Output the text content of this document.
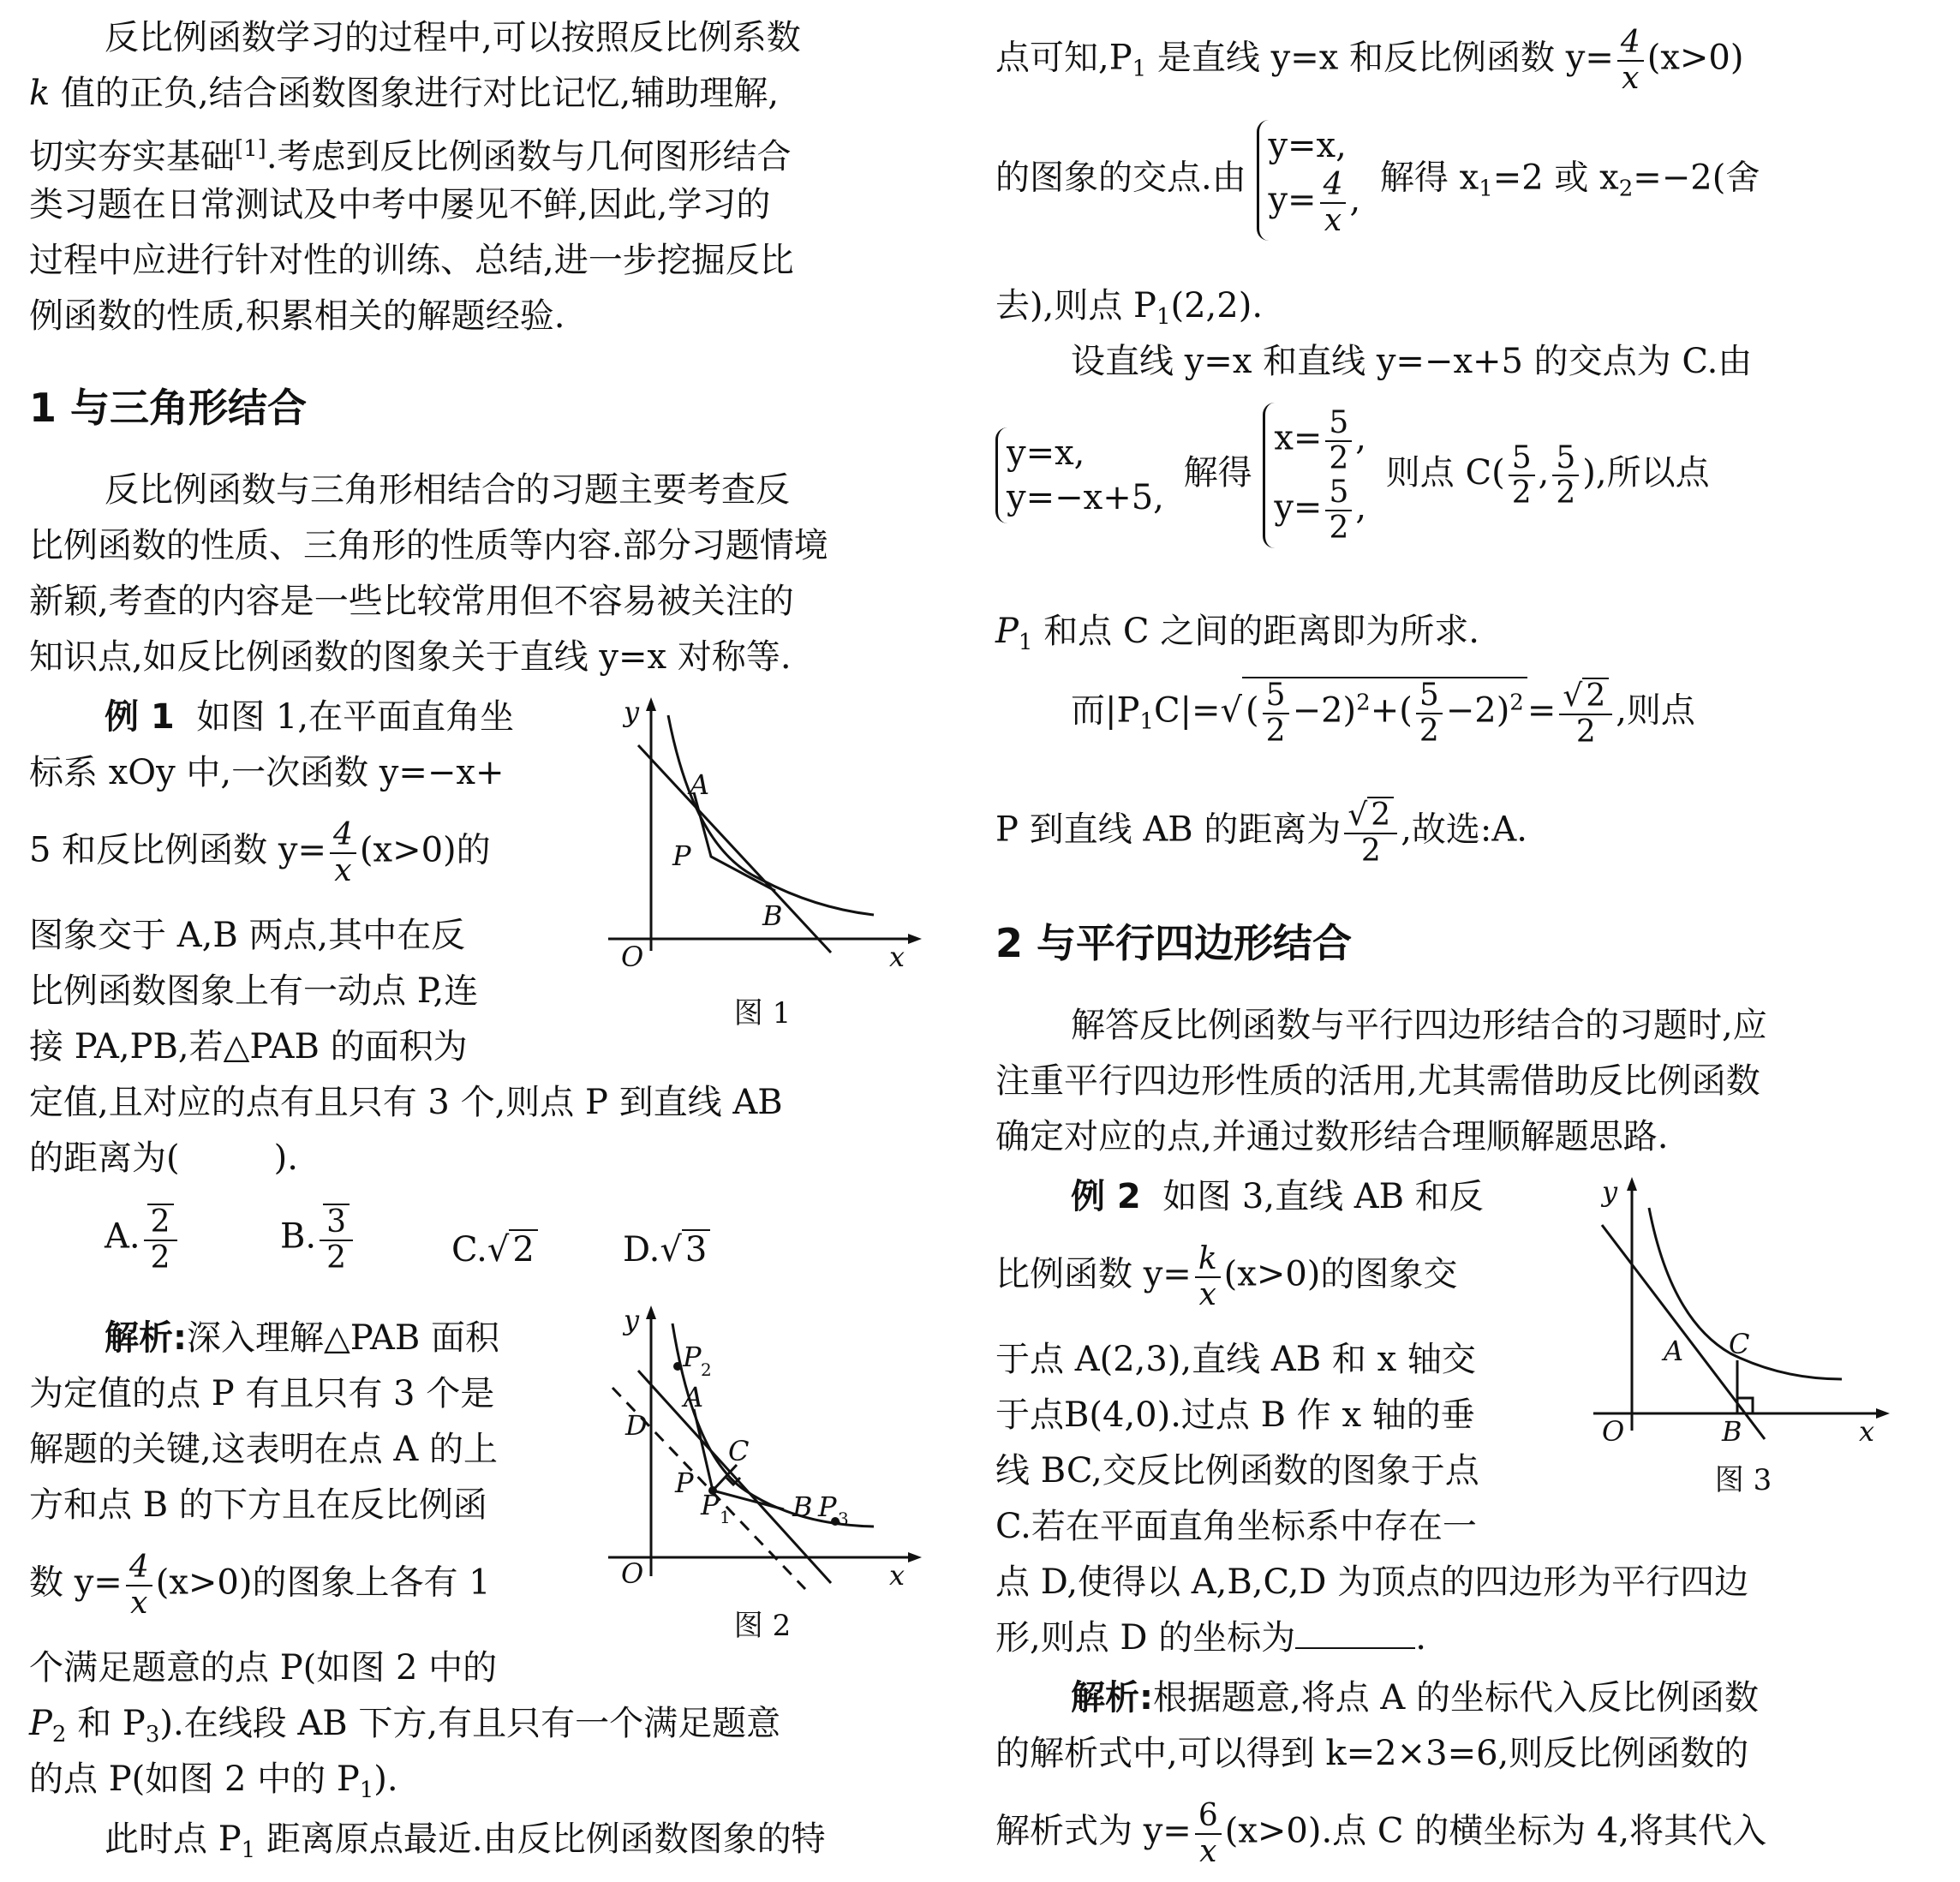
反比例函数学习的过程中,可以按照反比例系数

k 值的正负,结合函数图象进行对比记忆,辅助理解,

切实夯实基础[1].考虑到反比例函数与几何图形结合

类习题在日常测试及中考中屡见不鲜,因此,学习的

过程中应进行针对性的训练、总结,进一步挖掘反比

例函数的性质,积累相关的解题经验.

1 与三角形结合

反比例函数与三角形相结合的习题主要考查反

比例函数的性质、三角形的性质等内容.部分习题情境

新颖,考查的内容是一些比较常用但不容易被关注的

知识点,如反比例函数的图象关于直线 y=x 对称等.

例 1 如图 1,在平面直角坐

标系 xOy 中,一次函数 y=−x+

5 和反比例函数 $y= \frac{4}{x} (x>0)$的

图象交于 A,B 两点,其中在反

比例函数图象上有一动点 P,连

接 PA,PB,若△PAB 的面积为

定值,且对应的点有且只有 3 个,则点 P 到直线 AB

的距离为(	).

A. $\frac{2}{2}$	B. $\frac{3}{2}$	C.√ 2	D.√ 3

解析:深入理解△PAB 面积

为定值的点 P 有且只有 3 个是

解题的关键,这表明在点 A 的上

方和点 B 的下方且在反比例函

数 $y= \frac{4}{x} (x>0)$的图象上各有 1

个满足题意的点 P(如图 2 中的

$P_2$ 和 $P_3$).在线段 AB 下方,有且只有一个满足题意

的点 P(如图 2 中的 $P_1$).

此时点 $P_1$ 距离原点最近.由反比例函数图象的特

y
x
O
A
P
B
图 1
y
x
O
P 2
A
D
C
P
P 1 B P 3
图 2

点可知$,P_1$ 是直线 y=x 和反比例函数 $y= \frac{4}{x} (x>0)$

的图象的交点.由
y=x,
$y= \frac{4}{x}$ ,
解得 $x_1=2$ 或 $x_2=-2$(舍

去),则点 $P_1(2,2)$.

设直线 y=x 和直线 y=−x+5 的交点为 C.由

y=x,
y=−x+5,
解得
$x= \frac{5}{2}$ ,
$y= \frac{5}{2}$ ,
则点 $C( \frac{5}{2}$ , $\frac{5}{2}$ ),所以点

$P_1$ 和点 C 之间的距离即为所求.

而$|P_1C|=√$ ( $\frac{5}{2} -2)^2+( \frac{5}{2} -2)^2 = \frac{√ 2}{2}$ ,则点

P 到直线 AB 的距离为 $\frac{√ 2}{2}$ ,故选:A.

2 与平行四边形结合

解答反比例函数与平行四边形结合的习题时,应

注重平行四边形性质的活用,尤其需借助反比例函数

确定对应的点,并通过数形结合理顺解题思路.

例 2 如图 3,直线 AB 和反

比例函数 $y= \frac{k}{x} (x>0)$的图象交

于点 A(2,3),直线 AB 和 x 轴交

于点B(4,0).过点 B 作 x 轴的垂

线 BC,交反比例函数的图象于点

C.若在平面直角坐标系中存在一

点 D,使得以 A,B,C,D 为顶点的四边形为平行四边

形,则点 D 的坐标为	.

解析:根据题意,将点 A 的坐标代入反比例函数

的解析式中,可以得到 k=2×3=6,则反比例函数的

解析式为 $y= \frac{6}{x} (x>0)$.点 C 的横坐标为 4,将其代入

y
x
O
A
B
C
图 3
